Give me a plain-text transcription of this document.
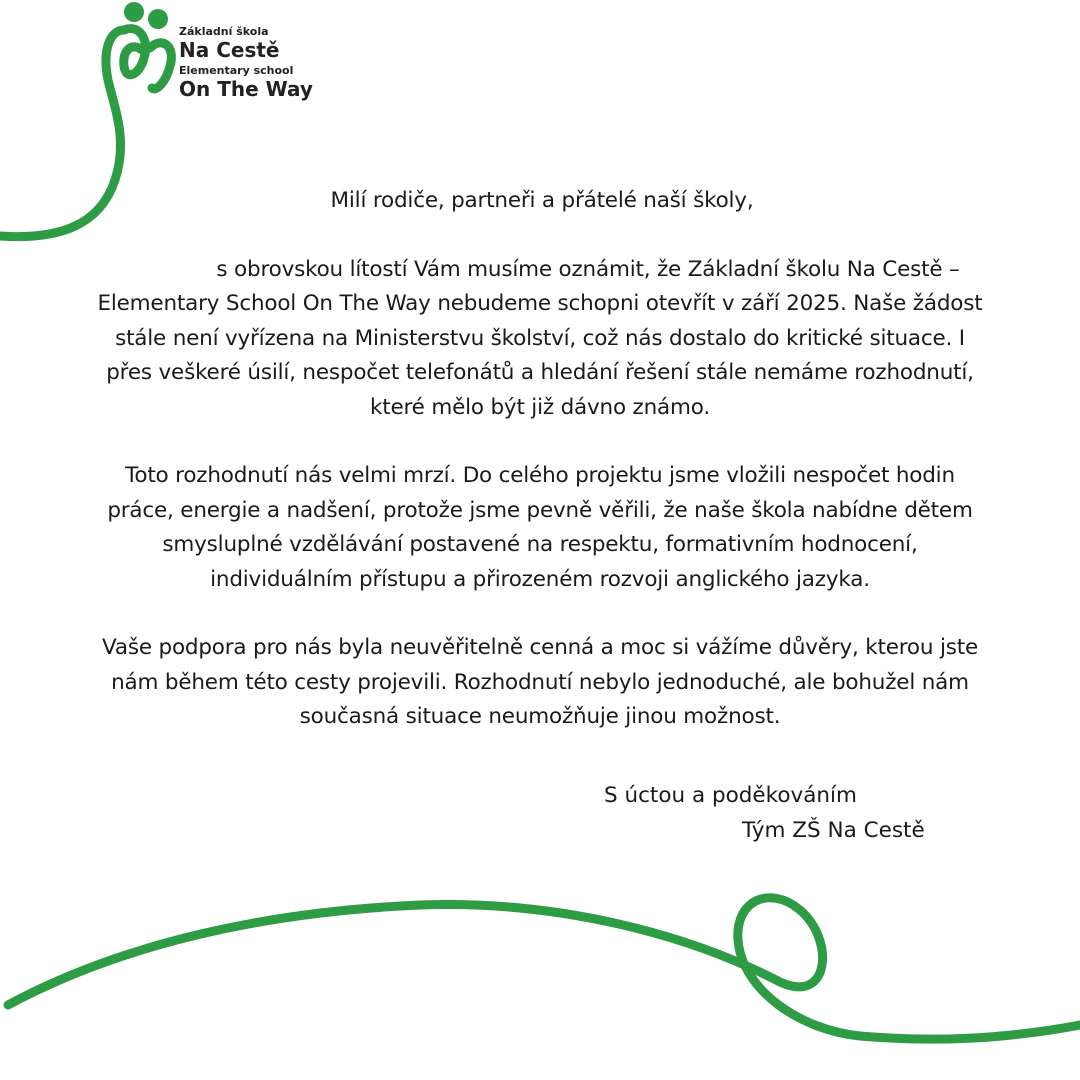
Základní škola
Na Cestě
Elementary school
On The Way
Milí rodiče, partneři a přátelé naší školy,

s obrovskou lítostí Vám musíme oznámit, že Základní školu Na Cestě –

Elementary School On The Way nebudeme schopni otevřít v září 2025. Naše žádost

stále není vyřízena na Ministerstvu školství, což nás dostalo do kritické situace. I

přes veškeré úsilí, nespočet telefonátů a hledání řešení stále nemáme rozhodnutí,

které mělo být již dávno známo.

Toto rozhodnutí nás velmi mrzí. Do celého projektu jsme vložili nespočet hodin

práce, energie a nadšení, protože jsme pevně věřili, že naše škola nabídne dětem

smysluplné vzdělávání postavené na respektu, formativním hodnocení,

individuálním přístupu a přirozeném rozvoji anglického jazyka.

Vaše podpora pro nás byla neuvěřitelně cenná a moc si vážíme důvěry, kterou jste

nám během této cesty projevili. Rozhodnutí nebylo jednoduché, ale bohužel nám

současná situace neumožňuje jinou možnost.

S úctou a poděkováním
Tým ZŠ Na Cestě
